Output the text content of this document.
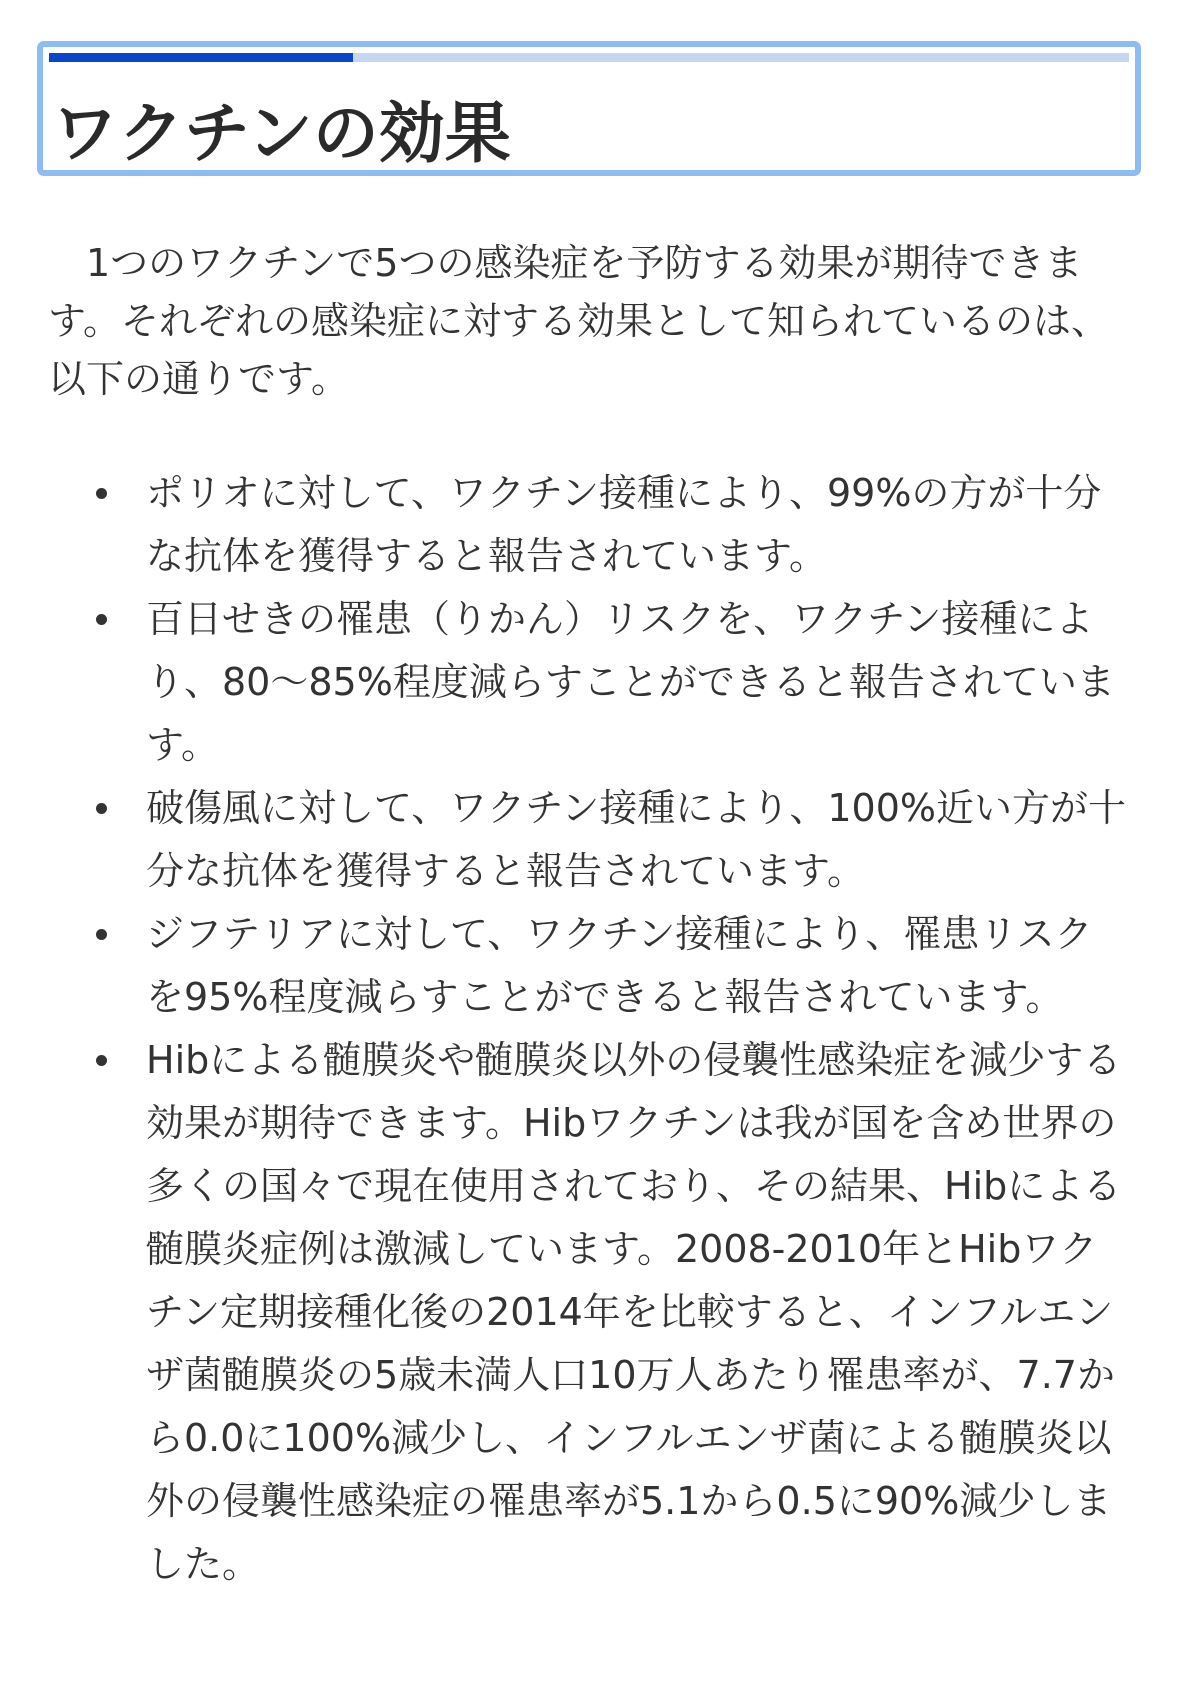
ワクチンの効果

1つのワクチンで5つの感染症を予防する効果が期待できます。それぞれの感染症に対する効果として知られているのは、以下の通りです。

ポリオに対して、ワクチン接種により、99%の方が十分な抗体を獲得すると報告されています。
百日せきの罹患（りかん）リスクを、ワクチン接種により、80～85%程度減らすことができると報告されています。
破傷風に対して、ワクチン接種により、100%近い方が十分な抗体を獲得すると報告されています。
ジフテリアに対して、ワクチン接種により、罹患リスクを95%程度減らすことができると報告されています。
Hibによる髄膜炎や髄膜炎以外の侵襲性感染症を減少する効果が期待できます。Hibワクチンは我が国を含め世界の多くの国々で現在使用されており、その結果、Hibによる髄膜炎症例は激減しています。2008-2010年とHibワクチン定期接種化後の2014年を比較すると、インフルエンザ菌髄膜炎の5歳未満人口10万人あたり罹患率が、7.7から0.0に100%減少し、インフルエンザ菌による髄膜炎以外の侵襲性感染症の罹患率が5.1から0.5に90%減少しました。
